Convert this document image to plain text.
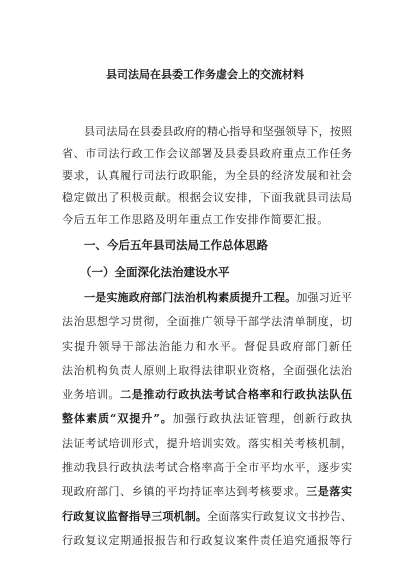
县司法局在县委工作务虚会上的交流材料
县司法局在县委县政府的精心指导和坚强领导下，按照
省、市司法行政工作会议部署及县委县政府重点工作任务
要求，认真履行司法行政职能，为全县的经济发展和社会
稳定做出了积极贡献。根据会议安排，下面我就县司法局
今后五年工作思路及明年重点工作安排作简要汇报。
一、今后五年县司法局工作总体思路
（一）全面深化法治建设水平
一是实施政府部门法治机构素质提升工程。加强习近平
法治思想学习贯彻，全面推广领导干部学法清单制度，切
实提升领导干部法治能力和水平。督促县政府部门新任
法治机构负责人原则上取得法律职业资格，全面强化法治
业务培训。二是推动行政执法考试合格率和行政执法队伍
整体素质“双提升”。加强行政执法证管理，创新行政执
法证考试培训形式，提升培训实效。落实相关考核机制，
推动我县行政执法考试合格率高于全市平均水平，逐步实
现政府部门、乡镇的平均持证率达到考核要求。三是落实
行政复议监督指导三项机制。全面落实行政复议文书抄告、
行政复议定期通报报告和行政复议案件责任追究通报等行
